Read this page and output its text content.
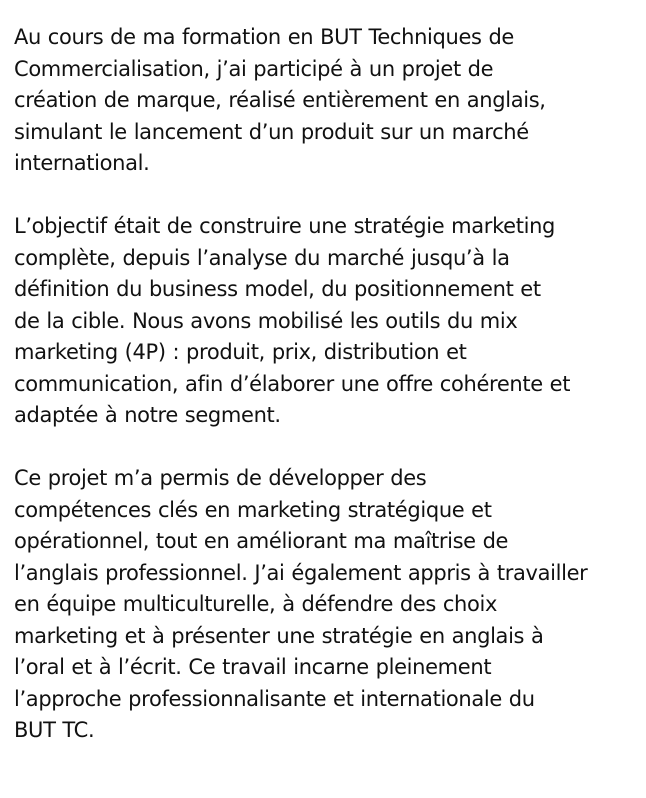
Au cours de ma formation en BUT Techniques de
Commercialisation, j’ai participé à un projet de
création de marque, réalisé entièrement en anglais,
simulant le lancement d’un produit sur un marché
international.

L’objectif était de construire une stratégie marketing
complète, depuis l’analyse du marché jusqu’à la
définition du business model, du positionnement et
de la cible. Nous avons mobilisé les outils du mix
marketing (4P) : produit, prix, distribution et
communication, afin d’élaborer une offre cohérente et
adaptée à notre segment.

Ce projet m’a permis de développer des
compétences clés en marketing stratégique et
opérationnel, tout en améliorant ma maîtrise de
l’anglais professionnel. J’ai également appris à travailler
en équipe multiculturelle, à défendre des choix
marketing et à présenter une stratégie en anglais à
l’oral et à l’écrit. Ce travail incarne pleinement
l’approche professionnalisante et internationale du
BUT TC.
